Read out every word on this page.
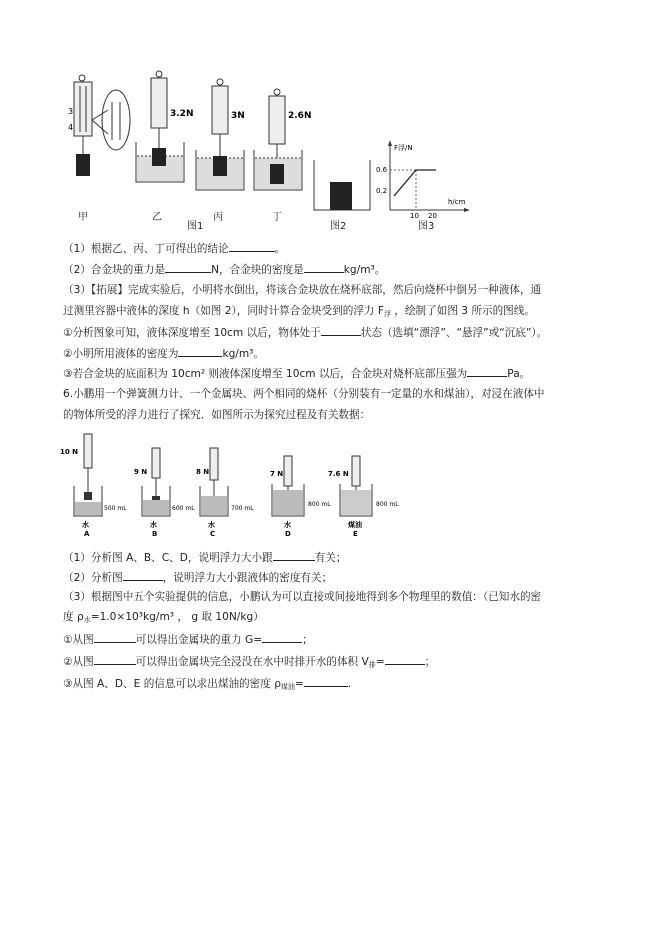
3
4
3.2N	3N	2.6N
F浮/N
0.6
0.2
h/cm
10 20
甲	乙
图1
丙	丁
图2	图3
（1）根据乙、丙、丁可得出的结论	。
（2）合金块的重力是	N，合金块的密度是	kg/m³。
（3）【拓展】完成实验后，小明将水倒出，将该合金块放在烧杯底部，然后向烧杯中倒另一种液体，通
过测里容器中液体的深度 h（如图 2），同时计算合金块受到的浮力 $F_浮$ ，绘制了如图 3 所示的图线。
①分析图象可知，液体深度增至 10cm 以后，物体处于	状态（选填“漂浮”、“悬浮”或“沉底”）。
②小明所用液体的密度为	kg/m³。
③若合金块的底面积为 10cm² 则液体深度增至 10cm 以后，合金块对烧杯底部压强为	Pa。
6.小鹏用一个弹簧测力计、一个金属块、两个相同的烧杯（分别装有一定量的水和煤油），对浸在液体中
的物体所受的浮力进行了探究．如图所示为探究过程及有关数据：
10 N
500 mL
水
A
9 N
600 mL
水
B
8 N
700 mL
水
C
7 N
800 mL
水
D
7.6 N
800 mL
煤油
E
（1）分析图 A、B、C、D，说明浮力大小跟	有关；
（2）分析图	，说明浮力大小跟液体的密度有关；
（3）根据图中五个实验提供的信息，小鹏认为可以直接或间接地得到多个物理里的数值：（已知水的密
度 $\rho_水=1.0\times 10^3kg/m^3$ ， g 取 10N/kg）
①从图	可以得出金属块的重力 G=	；
②从图	可以得出金属块完全浸没在水中时排开水的体积 $V_排=$	；
③从图 A、D、E 的信息可以求出煤油的密度 $\rho_{煤油}=$	.
